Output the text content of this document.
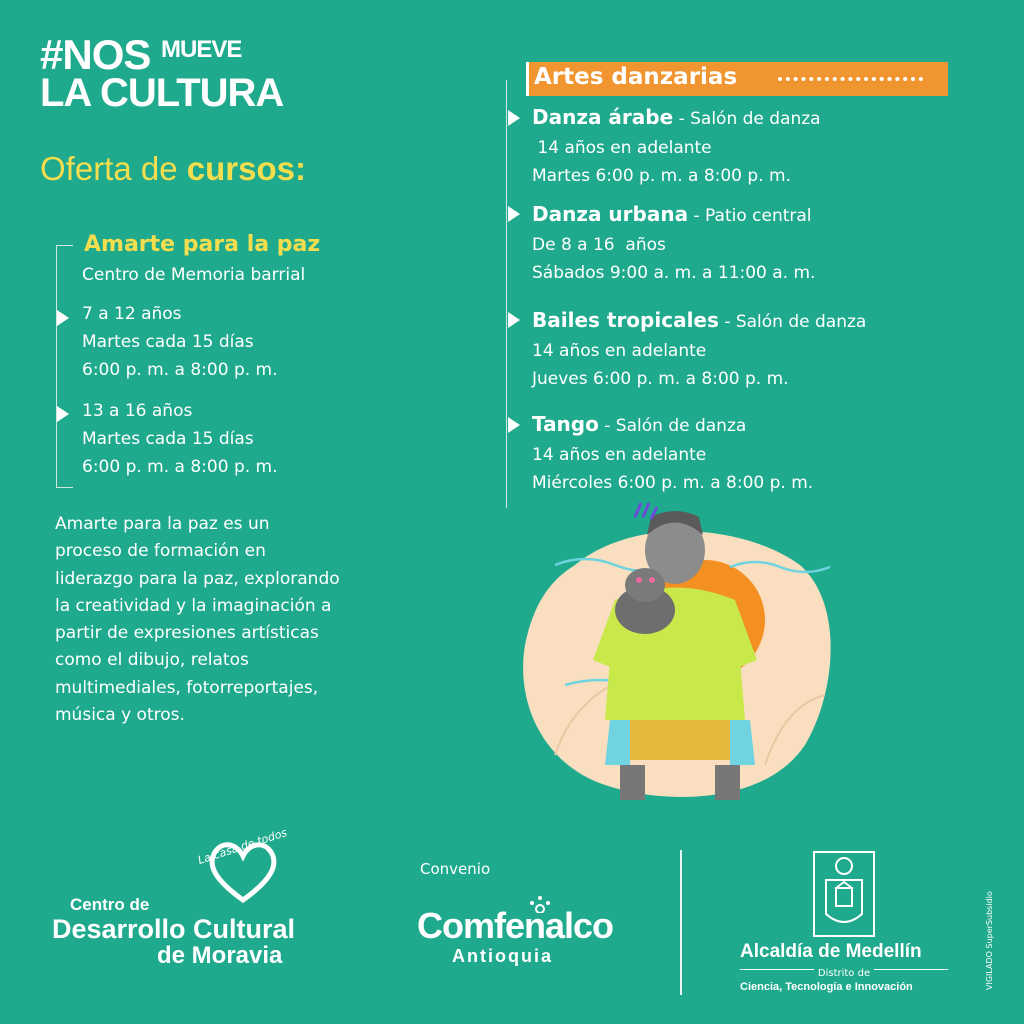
#NOS $^{MUEVE}$
LA CULTURA
Oferta de cursos:
Amarte para la paz
Centro de Memoria barrial
7 a 12 años
Martes cada 15 días
6:00 p. m. a 8:00 p. m.
13 a 16 años
Martes cada 15 días
6:00 p. m. a 8:00 p. m.
Amarte para la paz es un
proceso de formación en
liderazgo para la paz, explorando
la creatividad y la imaginación a
partir de expresiones artísticas
como el dibujo, relatos
multimediales, fotorreportajes,
música y otros.
Artes danzarias
Danza árabe - Salón de danza
14 años en adelante
Martes 6:00 p. m. a 8:00 p. m.
Danza urbana - Patio central
De 8 a 16  años
Sábados 9:00 a. m. a 11:00 a. m.
Bailes tropicales - Salón de danza
14 años en adelante
Jueves 6:00 p. m. a 8:00 p. m.
Tango - Salón de danza
14 años en adelante
Miércoles 6:00 p. m. a 8:00 p. m.
La casa de todos
Centro de
Desarrollo Cultural
de Moravia
Convenio
Comfenalco
Antioquia	Alcaldía de Medellín
Distrito de
Ciencia, Tecnología e Innovación	VIGILADO SuperSubsidio
